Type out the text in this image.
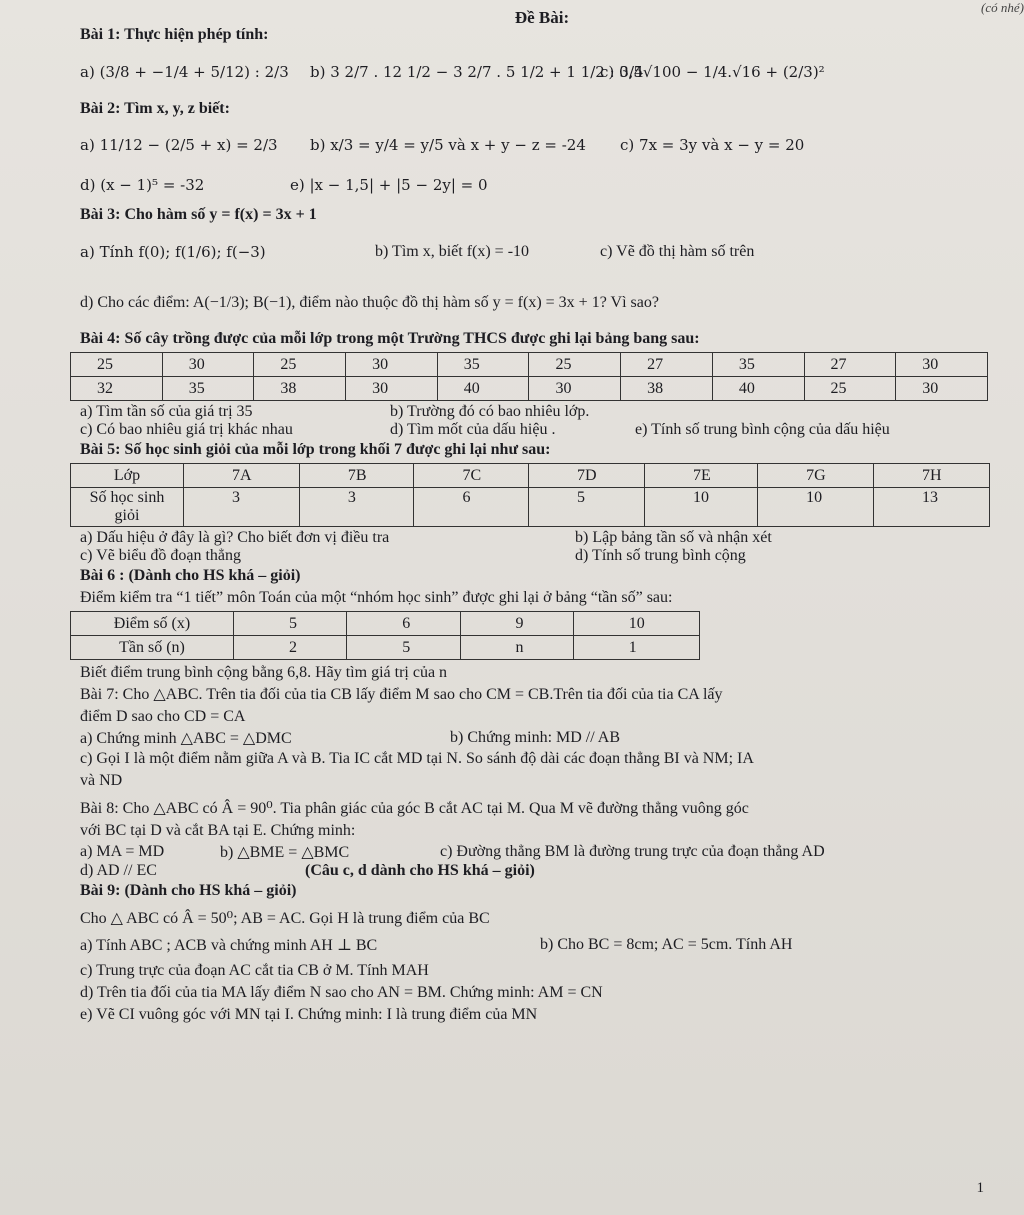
(có nhé)
Đề Bài:
Bài 1: Thực hiện phép tính:
a) (3/8 + −1/4 + 5/12) : 2/3	b) 3 2/7 . 12 1/2 − 3 2/7 . 5 1/2 + 1 1/2 : 3/4
c) 0,5√100 − 1/4.√16 + (2/3)²
Bài 2: Tìm x, y, z biết:
a) 11/12 − (2/5 + x) = 2/3	b) x/3 = y/4 = y/5 và x + y − z = -24	c) 7x = 3y và x − y = 20
d) (x − 1)⁵ = -32	e) |x − 1,5| + |5 − 2y| = 0
Bài 3: Cho hàm số y = f(x) = 3x + 1
a) Tính f(0); f(1/6); f(−3)	b) Tìm x, biết f(x) = -10	c) Vẽ đồ thị hàm số trên
d) Cho các điểm: A(−1/3); B(−1), điểm nào thuộc đồ thị hàm số y = f(x) = 3x + 1? Vì sao?
Bài 4: Số cây trồng được của mỗi lớp trong một Trường THCS được ghi lại bảng bang sau:
25	30	25	30	35	25	27	35	27	30
32	35	38	30	40	30	38	40	25	30
a) Tìm tần số của giá trị 35	b) Trường đó có bao nhiêu lớp.
c) Có bao nhiêu giá trị khác nhau	d) Tìm mốt của dấu hiệu .	e) Tính số trung bình cộng của dấu hiệu
Bài 5: Số học sinh giỏi của mỗi lớp trong khối 7 được ghi lại như sau:
Lớp	7A	7B	7C	7D	7E	7G	7H
Số học sinh giỏi	3	3	6	5	10	10	13
a) Dấu hiệu ở đây là gì? Cho biết đơn vị điều tra	b) Lập bảng tần số và nhận xét
c) Vẽ biểu đồ đoạn thẳng	d) Tính số trung bình cộng
Bài 6 : (Dành cho HS khá – giỏi)
Điểm kiểm tra “1 tiết” môn Toán của một “nhóm học sinh” được ghi lại ở bảng “tần số” sau:
Điểm số (x)	5	6	9	10
Tần số (n)	2	5	n	1
Biết điểm trung bình cộng bằng 6,8. Hãy tìm giá trị của n
Bài 7: Cho △ABC. Trên tia đối của tia CB lấy điểm M sao cho CM = CB.Trên tia đối của tia CA lấy
điểm D sao cho CD = CA
a) Chứng minh △ABC = △DMC	b) Chứng minh: MD // AB
c) Gọi I là một điểm nằm giữa A và B. Tia IC cắt MD tại N. So sánh độ dài các đoạn thẳng BI và NM; IA
và ND
Bài 8: Cho △ABC có Â = 90⁰. Tia phân giác của góc B cắt AC tại M. Qua M vẽ đường thẳng vuông góc
với BC tại D và cắt BA tại E. Chứng minh:
a) MA = MD	b) △BME = △BMC	c) Đường thẳng BM là đường trung trực của đoạn thẳng AD
d) AD // EC	(Câu c, d dành cho HS khá – giỏi)
Bài 9: (Dành cho HS khá – giỏi)
Cho △ ABC có Â = 50⁰; AB = AC. Gọi H là trung điểm của BC
a) Tính ABC ; ACB và chứng minh AH ⊥ BC	b) Cho BC = 8cm; AC = 5cm. Tính AH
c) Trung trực của đoạn AC cắt tia CB ở M. Tính MAH
d) Trên tia đối của tia MA lấy điểm N sao cho AN = BM. Chứng minh: AM = CN
e) Vẽ CI vuông góc với MN tại I. Chứng minh: I là trung điểm của MN
1
